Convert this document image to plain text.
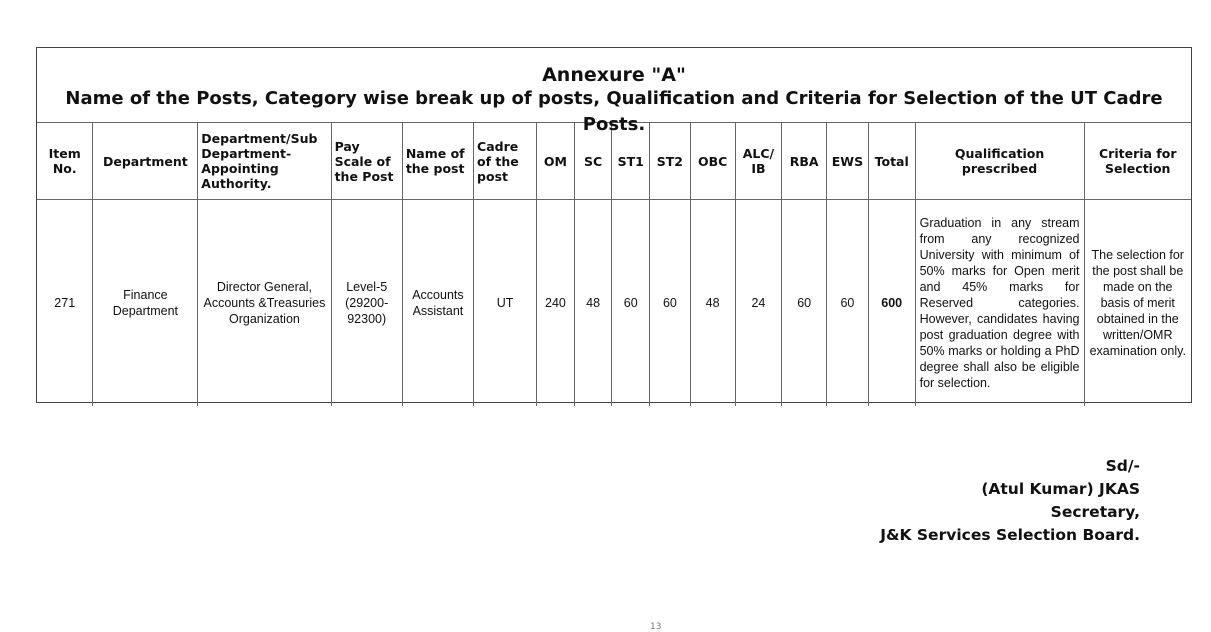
Annexure "A"
Name of the Posts, Category wise break up of posts, Qualification and Criteria for Selection of the UT Cadre Posts.
Item No.	Department	Department/Sub Department- Appointing Authority.	Pay Scale of the Post	Name of the post	Cadre of the post	OM	SC	ST1	ST2	OBC	ALC/ IB	RBA	EWS	Total	Qualification prescribed	Criteria for Selection
271	Finance Department	Director General, Accounts &Treasuries Organization	Level-5 (29200-92300)	Accounts Assistant	UT	240	48	60	60	48	24	60	60	600	Graduation in any stream from any recognized University with minimum of 50% marks for Open merit and 45% marks for Reserved categories. However, candidates having post graduation degree with 50% marks or holding a PhD degree shall also be eligible for selection.	The selection for the post shall be made on the basis of merit obtained in the written/OMR examination only.
Sd/-
(Atul Kumar) JKAS
Secretary,
J&K Services Selection Board.
13
